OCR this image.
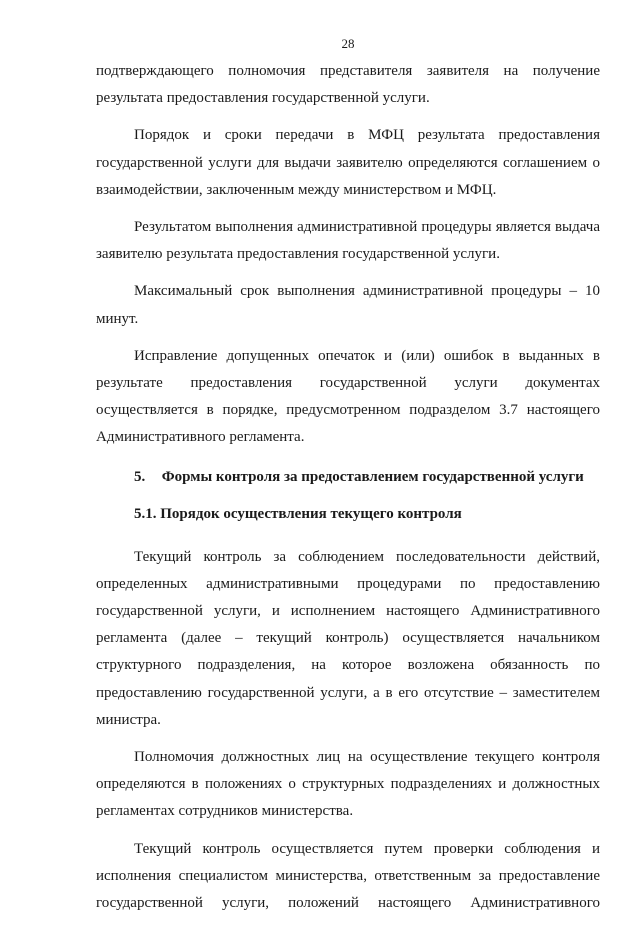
28

подтверждающего полномочия представителя заявителя на получение результата предоставления государственной услуги.

Порядок и сроки передачи в МФЦ результата предоставления государственной услуги для выдачи заявителю определяются соглашением о взаимодействии, заключенным между министерством и МФЦ.

Результатом выполнения административной процедуры является выдача заявителю результата предоставления государственной услуги.

Максимальный срок выполнения административной процедуры – 10 минут.

Исправление допущенных опечаток и (или) ошибок в выданных в результате предоставления государственной услуги документах осуществляется в порядке, предусмотренном подразделом 3.7 настоящего Административного регламента.

5. Формы контроля за предоставлением государственной услуги
5.1. Порядок осуществления текущего контроля

Текущий контроль за соблюдением последовательности действий, определенных административными процедурами по предоставлению государственной услуги, и исполнением настоящего Административного регламента (далее – текущий контроль) осуществляется начальником структурного подразделения, на которое возложена обязанность по предоставлению государственной услуги, а в его отсутствие – заместителем министра.

Полномочия должностных лиц на осуществление текущего контроля определяются в положениях о структурных подразделениях и должностных регламентах сотрудников министерства.

Текущий контроль осуществляется путем проверки соблюдения и исполнения специалистом министерства, ответственным за предоставление государственной услуги, положений настоящего Административного
